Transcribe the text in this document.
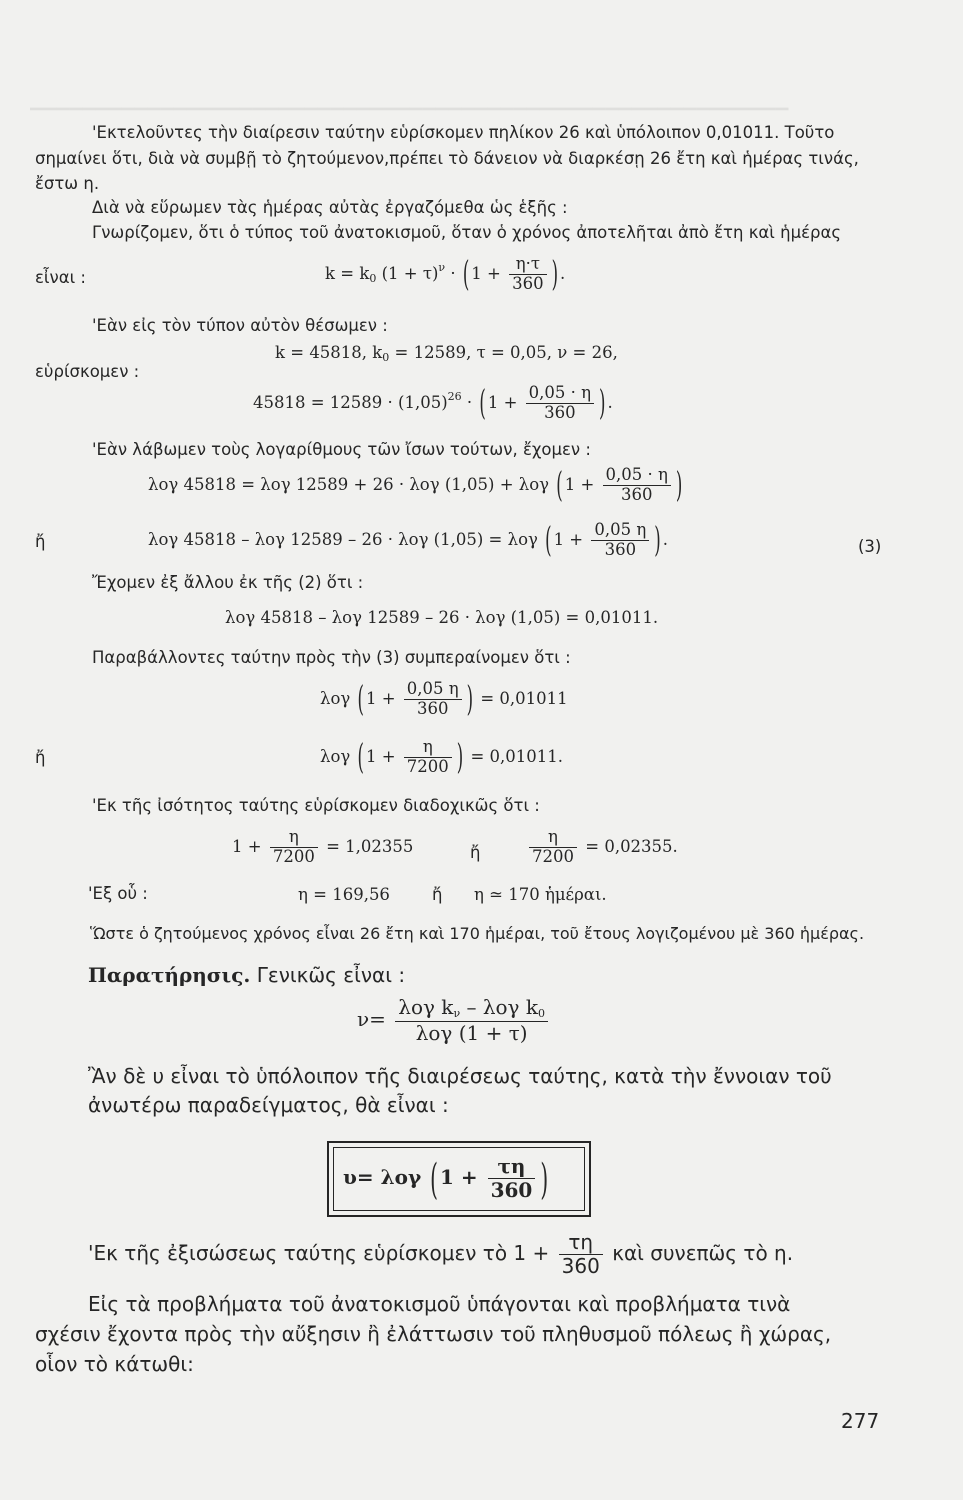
▁▁▁▁▁▁▁▁▁▁▁▁▁▁▁▁▁▁▁▁▁▁▁▁▁▁▁▁▁▁▁▁▁▁▁▁▁▁▁▁▁▁▁▁▁▁▁▁▁▁▁▁▁▁▁▁▁▁
'Εκτελοῦντες τὴν διαίρεσιν ταύτην εὑρίσκομεν πηλίκον 26 καὶ ὑπόλοιπον 0,01011. Τοῦτο
σημαίνει ὅτι, διὰ νὰ συμβῇ τὸ ζητούμενον,πρέπει τὸ δάνειον νὰ διαρκέσῃ 26 ἔτη καὶ ἡμέρας τινάς,
ἔστω η.
Διὰ νὰ εὕρωμεν τὰς ἡμέρας αὐτὰς ἐργαζόμεθα ὡς ἑξῆς :
Γνωρίζομεν, ὅτι ὁ τύπος τοῦ ἀνατοκισμοῦ, ὅταν ὁ χρόνος ἀποτελῆται ἀπὸ ἔτη καὶ ἡμέρας
εἶναι :	$k = k_0$ $(1 + \tau)^\nu$ · ( $1 + \frac{\eta\cdot\tau}{360}$ ) .
'Εὰν εἰς τὸν τύπον αὐτὸν θέσωμεν :
k = 45818, $k_0 = 12589$, τ = 0,05, ν = 26,
εὑρίσκομεν :
$45818 = 12589 \cdot (1,05)^{26}$ · ( $1 + \frac{0,05 \cdot \eta}{360}$ ) .
'Εὰν λάβωμεν τοὺς λογαρίθμους τῶν ἴσων τούτων, ἔχομεν :
λογ 45818 = λογ 12589 + 26 · λογ (1,05) + λογ ( $1 + \frac{0,05 \cdot \eta}{360}$ )
ἤ	λογ 45818 – λογ 12589 – 26 · λογ (1,05) = λογ ( $1 + \frac{0,05 \eta}{360}$ ) .	(3)
Ἔχομεν ἐξ ἄλλου ἐκ τῆς (2) ὅτι :
λογ 45818 – λογ 12589 – 26 · λογ (1,05) = 0,01011.
Παραβάλλοντες ταύτην πρὸς τὴν (3) συμπεραίνομεν ὅτι :
λογ ( $1 + \frac{0,05 \eta}{360}$ ) = 0,01011
ἤ	λογ ( $1 + \frac{\eta}{7200}$ ) = 0,01011.
'Εκ τῆς ἰσότητος ταύτης εὑρίσκομεν διαδοχικῶς ὅτι :
$1 + \frac{\eta}{7200} = 1,02355$	ἤ	$\frac{\eta}{7200} = 0,02355$.
'Εξ οὗ :	η = 169,56	ἤ η ≃ 170 ἡμέραι.
Ὥστε ὁ ζητούμενος χρόνος εἶναι 26 ἔτη καὶ 170 ἡμέραι, τοῦ ἔτους λογιζομένου μὲ 360 ἡμέρας.
Παρατήρησις. Γενικῶς εἶναι :
$\nu= \frac{\lambda o\gamma k_\nu - \lambda o\gamma k_0}{\text{λογ (1 + τ)}}$
Ἂν δὲ υ εἶναι τὸ ὑπόλοιπον τῆς διαιρέσεως ταύτης, κατὰ τὴν ἔννοιαν τοῦ
ἀνωτέρω παραδείγματος, θὰ εἶναι :
υ= λογ ( $1 + \frac{\tau\eta}{360}$ )
'Εκ τῆς ἐξισώσεως ταύτης εὑρίσκομεν τὸ $1 + \frac{\tau\eta}{360}$ καὶ συνεπῶς τὸ η.
Εἰς τὰ προβλήματα τοῦ ἀνατοκισμοῦ ὑπάγονται καὶ προβλήματα τινὰ
σχέσιν ἔχοντα πρὸς τὴν αὔξησιν ἢ ἐλάττωσιν τοῦ πληθυσμοῦ πόλεως ἢ χώρας,
οἷον τὸ κάτωθι:
277
